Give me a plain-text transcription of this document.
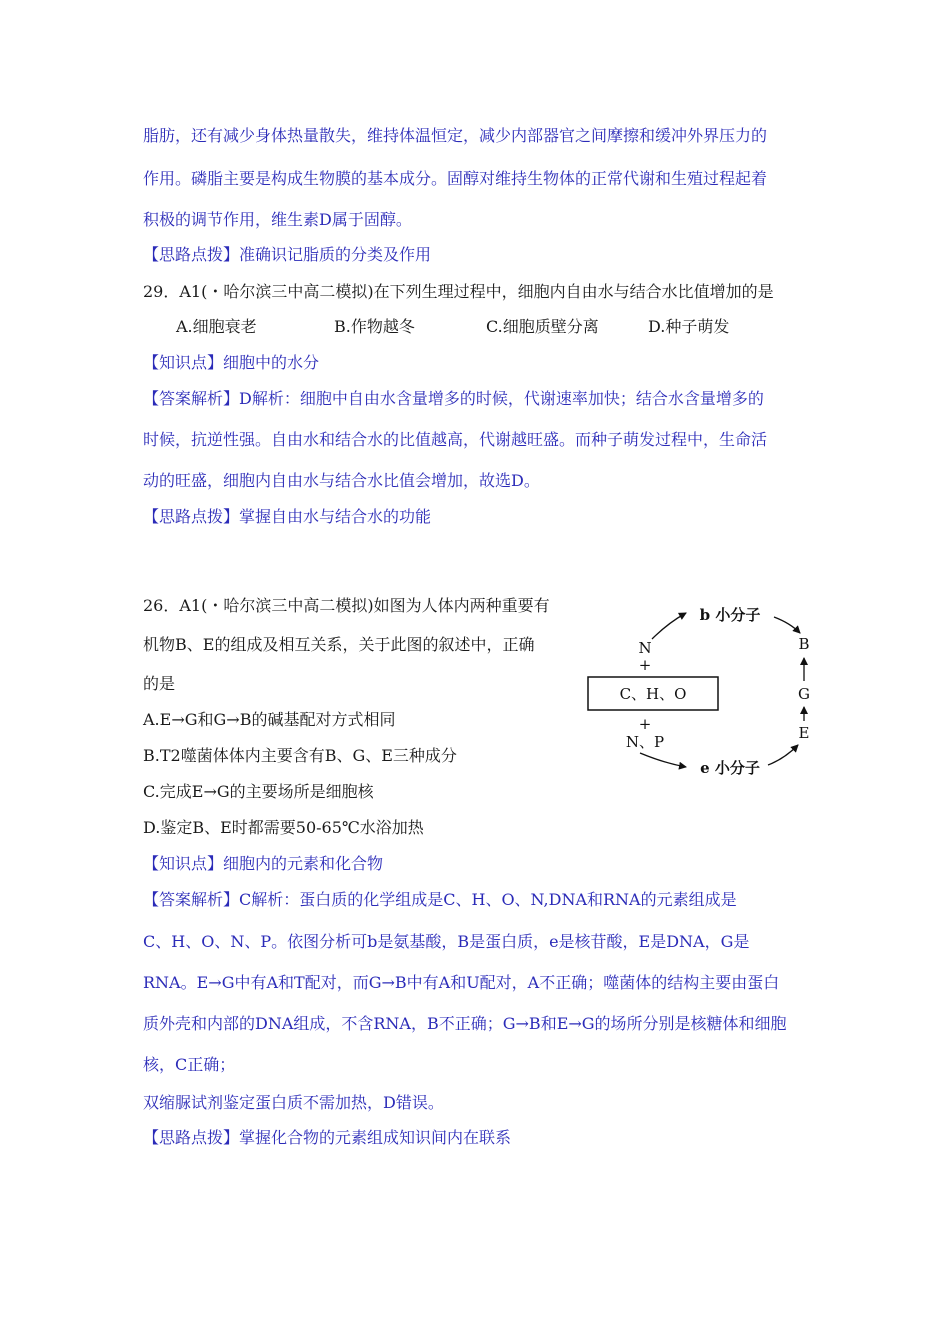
脂肪，还有减少身体热量散失，维持体温恒定，减少内部器官之间摩擦和缓冲外界压力的
作用。磷脂主要是构成生物膜的基本成分。固醇对维持生物体的正常代谢和生殖过程起着
积极的调节作用，维生素D属于固醇。
【思路点拨】准确识记脂质的分类及作用
29．A1(・哈尔滨三中高二模拟)在下列生理过程中，细胞内自由水与结合水比值增加的是
A.细胞衰老	B.作物越冬	C.细胞质壁分离	D.种子萌发
【知识点】细胞中的水分
【答案解析】D解析：细胞中自由水含量增多的时候，代谢速率加快；结合水含量增多的
时候，抗逆性强。自由水和结合水的比值越高，代谢越旺盛。而种子萌发过程中，生命活
动的旺盛，细胞内自由水与结合水比值会增加，故选D。
【思路点拨】掌握自由水与结合水的功能
26．A1(・哈尔滨三中高二模拟)如图为人体内两种重要有
机物B、E的组成及相互关系，关于此图的叙述中，正确
的是
A.E→G和G→B的碱基配对方式相同
B.T2噬菌体体内主要含有B、G、E三种成分
C.完成E→G的主要场所是细胞核
D.鉴定B、E时都需要50-65℃水浴加热
【知识点】细胞内的元素和化合物
【答案解析】C解析：蛋白质的化学组成是C、H、O、N,DNA和RNA的元素组成是
C、H、O、N、P。依图分析可b是氨基酸，B是蛋白质，e是核苷酸，E是DNA，G是
RNA。E→G中有A和T配对，而G→B中有A和U配对，A不正确；噬菌体的结构主要由蛋白
质外壳和内部的DNA组成，不含RNA，B不正确；G→B和E→G的场所分别是核糖体和细胞
核，C正确；
双缩脲试剂鉴定蛋白质不需加热，D错误。
【思路点拨】掌握化合物的元素组成知识间内在联系
C、H、O
N
+
+
N、P
b 小分子
e 小分子
B
G
E
